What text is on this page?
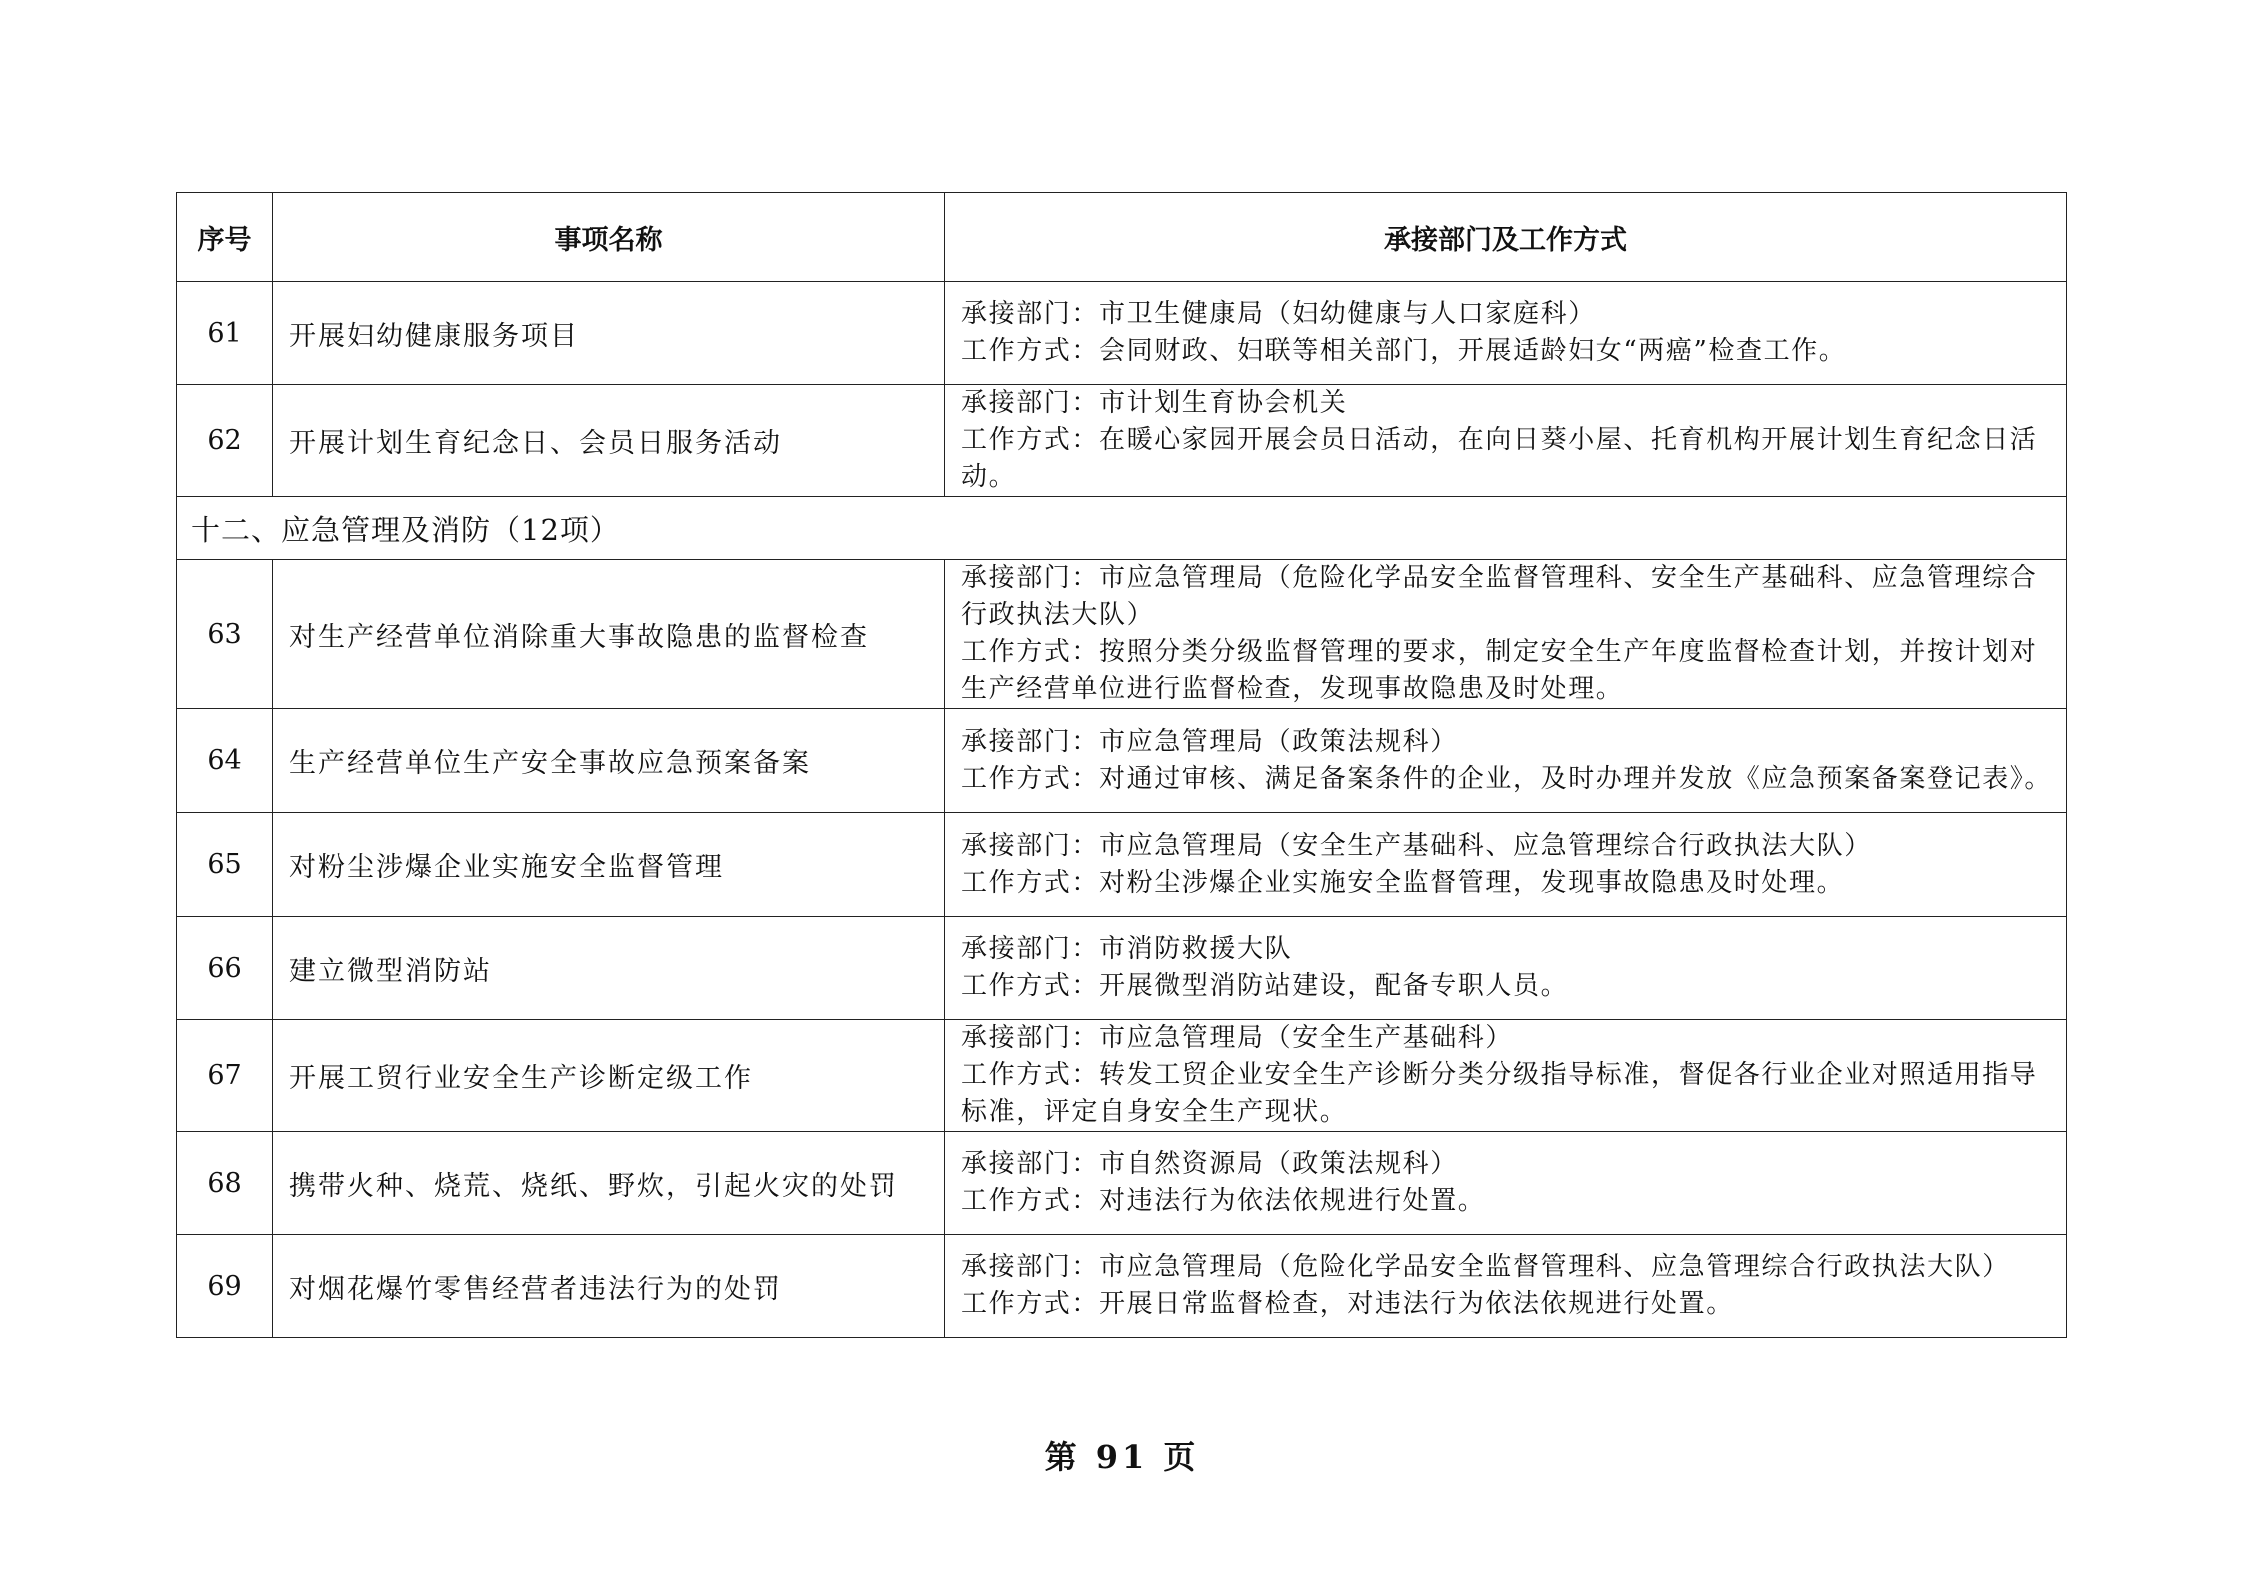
序号	事项名称	承接部门及工作方式
61	开展妇幼健康服务项目	承接部门：市卫生健康局（妇幼健康与人口家庭科）
工作方式：会同财政、妇联等相关部门，开展适龄妇女“两癌”检查工作。

62	开展计划生育纪念日、会员日服务活动	承接部门：市计划生育协会机关
工作方式：在暖心家园开展会员日活动，在向日葵小屋、托育机构开展计划生育纪念日活动。

十二、应急管理及消防（12项）		
63	对生产经营单位消除重大事故隐患的监督检查	承接部门：市应急管理局（危险化学品安全监督管理科、安全生产基础科、应急管理综合行政执法大队）
工作方式：按照分类分级监督管理的要求，制定安全生产年度监督检查计划，并按计划对生产经营单位进行监督检查，发现事故隐患及时处理。

64	生产经营单位生产安全事故应急预案备案	承接部门：市应急管理局（政策法规科）
工作方式：对通过审核、满足备案条件的企业，及时办理并发放《应急预案备案登记表》。

65	对粉尘涉爆企业实施安全监督管理	承接部门：市应急管理局（安全生产基础科、应急管理综合行政执法大队）
工作方式：对粉尘涉爆企业实施安全监督管理，发现事故隐患及时处理。

66	建立微型消防站	承接部门：市消防救援大队
工作方式：开展微型消防站建设，配备专职人员。

67	开展工贸行业安全生产诊断定级工作	承接部门：市应急管理局（安全生产基础科）
工作方式：转发工贸企业安全生产诊断分类分级指导标准，督促各行业企业对照适用指导标准，评定自身安全生产现状。

68	携带火种、烧荒、烧纸、野炊，引起火灾的处罚	承接部门：市自然资源局（政策法规科）
工作方式：对违法行为依法依规进行处置。

69	对烟花爆竹零售经营者违法行为的处罚	承接部门：市应急管理局（危险化学品安全监督管理科、应急管理综合行政执法大队）
工作方式：开展日常监督检查，对违法行为依法依规进行处置。
第 91 页
